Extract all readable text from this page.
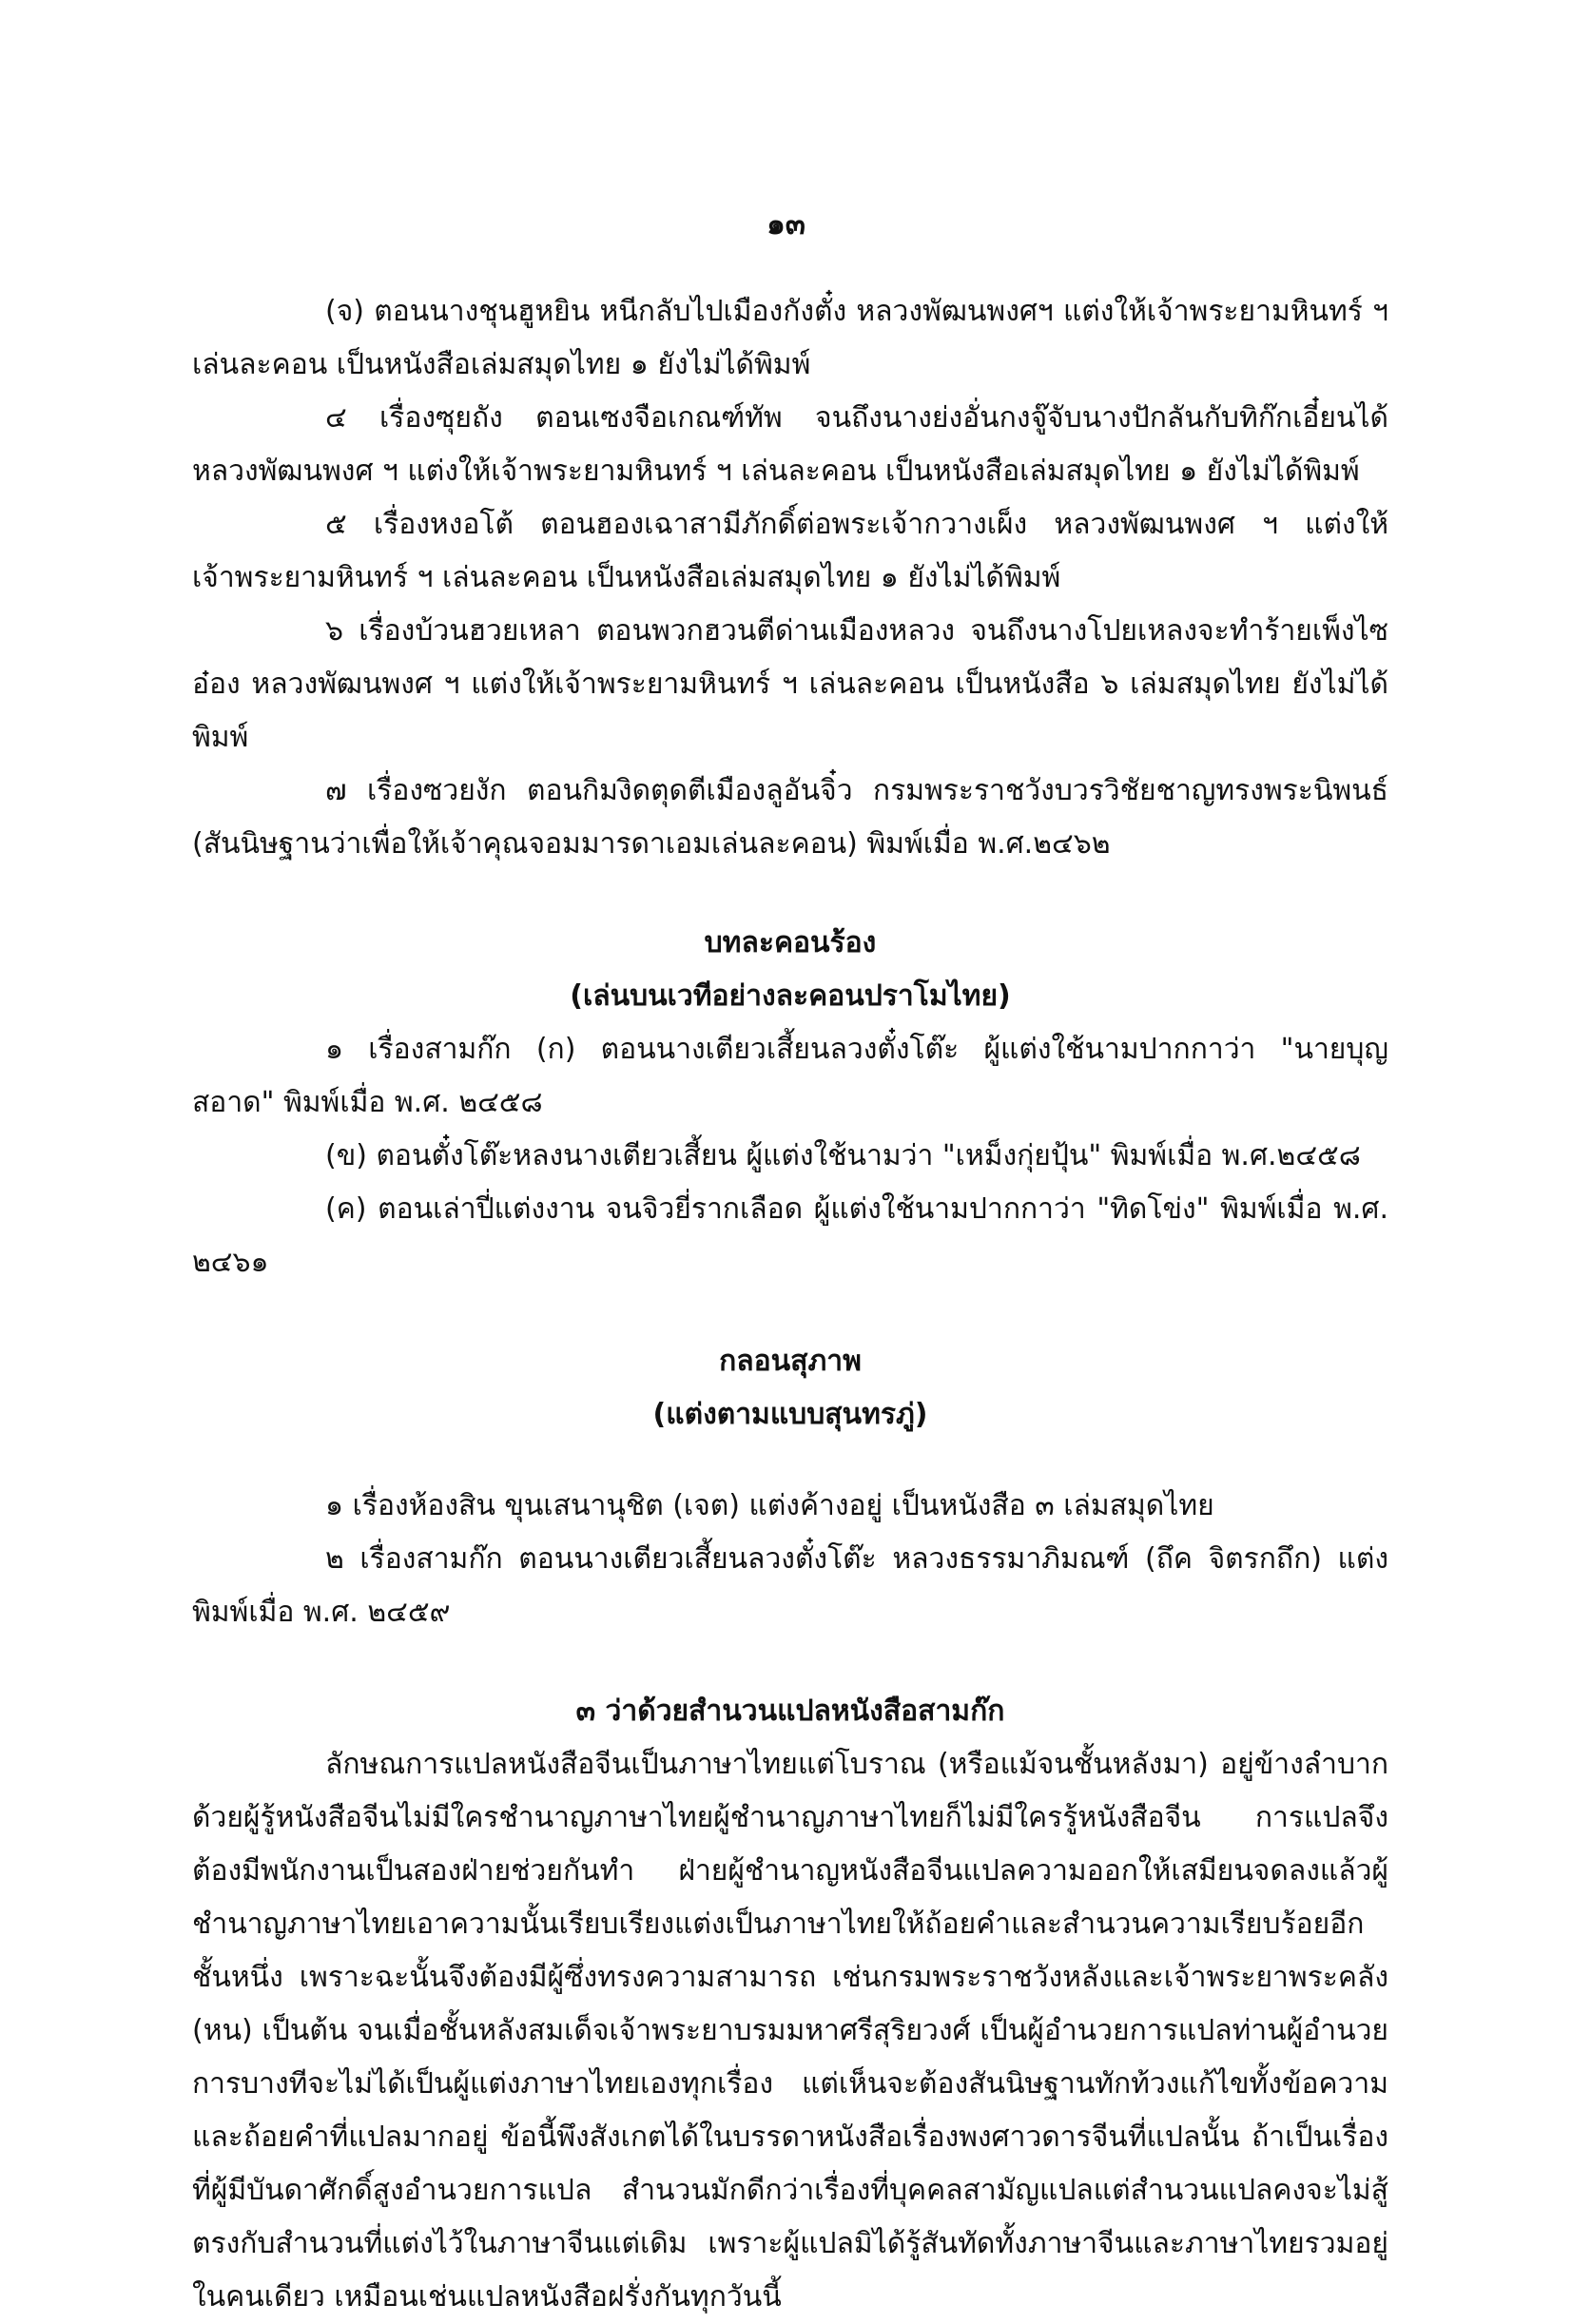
๑๓

(จ) ตอนนางชุนฮูหยิน หนีกลับไปเมืองกังตั๋ง หลวงพัฒนพงศฯ แต่งให้เจ้าพระยามหินทร์ ฯ เล่นละคอน เป็นหนังสือเล่มสมุดไทย ๑ ยังไม่ได้พิมพ์

๔ เรื่องซุยถัง ตอนเซงจือเกณฑ์ทัพ จนถึงนางย่งอั่นกงจู๊จับนางปักลันกับทิก๊กเอี๋ยนได้ หลวงพัฒนพงศ ฯ แต่งให้เจ้าพระยามหินทร์ ฯ เล่นละคอน เป็นหนังสือเล่มสมุดไทย ๑ ยังไม่ได้พิมพ์

๕ เรื่องหงอโต้ ตอนฮองเฉาสามีภักดิ์ต่อพระเจ้ากวางเผ็ง หลวงพัฒนพงศ ฯ แต่งให้เจ้าพระยามหินทร์ ฯ เล่นละคอน เป็นหนังสือเล่มสมุดไทย ๑ ยังไม่ได้พิมพ์

๖ เรื่องบ้วนฮวยเหลา ตอนพวกฮวนตีด่านเมืองหลวง จนถึงนางโปยเหลงจะทำร้ายเพ็งไซอ๋อง หลวงพัฒนพงศ ฯ แต่งให้เจ้าพระยามหินทร์ ฯ เล่นละคอน เป็นหนังสือ ๖ เล่มสมุดไทย ยังไม่ได้พิมพ์

๗ เรื่องซวยงัก ตอนกิมงิดตุดตีเมืองลูอันจิ๋ว กรมพระราชวังบวรวิชัยชาญทรงพระนิพนธ์ (สันนิษฐานว่าเพื่อให้เจ้าคุณจอมมารดาเอมเล่นละคอน) พิมพ์เมื่อ พ.ศ.๒๔๖๒

บทละคอนร้อง

(เล่นบนเวทีอย่างละคอนปราโมไทย)

๑ เรื่องสามก๊ก (ก) ตอนนางเตียวเสี้ยนลวงตั๋งโต๊ะ ผู้แต่งใช้นามปากกาว่า "นายบุญสอาด" พิมพ์เมื่อ พ.ศ. ๒๔๕๘

(ข) ตอนตั๋งโต๊ะหลงนางเตียวเสี้ยน ผู้แต่งใช้นามว่า "เหม็งกุ่ยปุ้น" พิมพ์เมื่อ พ.ศ.๒๔๕๘

(ค) ตอนเล่าปี่แต่งงาน จนจิวยี่รากเลือด ผู้แต่งใช้นามปากกาว่า "ทิดโข่ง" พิมพ์เมื่อ พ.ศ. ๒๔๖๑

กลอนสุภาพ

(แต่งตามแบบสุนทรภู่)

๑ เรื่องห้องสิน ขุนเสนานุชิต (เจต) แต่งค้างอยู่ เป็นหนังสือ ๓ เล่มสมุดไทย

๒ เรื่องสามก๊ก ตอนนางเตียวเสี้ยนลวงตั๋งโต๊ะ หลวงธรรมาภิมณฑ์ (ถึค จิตรกถึก) แต่ง พิมพ์เมื่อ พ.ศ. ๒๔๕๙

๓ ว่าด้วยสำนวนแปลหนังสือสามก๊ก

ลักษณการแปลหนังสือจีนเป็นภาษาไทยแต่โบราณ (หรือแม้จนชั้นหลังมา) อยู่ข้างลำบาก ด้วยผู้รู้หนังสือจีนไม่มีใครชำนาญภาษาไทยผู้ชำนาญภาษาไทยก็ไม่มีใครรู้หนังสือจีน การแปลจึงต้องมีพนักงานเป็นสองฝ่ายช่วยกันทำ ฝ่ายผู้ชำนาญหนังสือจีนแปลความออกให้เสมียนจดลงแล้วผู้ชำนาญภาษาไทยเอาความนั้นเรียบเรียงแต่งเป็นภาษาไทยให้ถ้อยคำและสำนวนความเรียบร้อยอีกชั้นหนึ่ง เพราะฉะนั้นจึงต้องมีผู้ซึ่งทรงความสามารถ เช่นกรมพระราชวังหลังและเจ้าพระยาพระคลัง (หน) เป็นต้น จนเมื่อชั้นหลังสมเด็จเจ้าพระยาบรมมหาศรีสุริยวงศ์ เป็นผู้อำนวยการแปลท่านผู้อำนวยการบางทีจะไม่ได้เป็นผู้แต่งภาษาไทยเองทุกเรื่อง แต่เห็นจะต้องสันนิษฐานทักท้วงแก้ไขทั้งข้อความและถ้อยคำที่แปลมากอยู่ ข้อนี้พึงสังเกตได้ในบรรดาหนังสือเรื่องพงศาวดารจีนที่แปลนั้น ถ้าเป็นเรื่องที่ผู้มีบันดาศักดิ์สูงอำนวยการแปล สำนวนมักดีกว่าเรื่องที่บุคคลสามัญแปลแต่สำนวนแปลคงจะไม่สู้ตรงกับสำนวนที่แต่งไว้ในภาษาจีนแต่เดิม เพราะผู้แปลมิได้รู้สันทัดทั้งภาษาจีนและภาษาไทยรวมอยู่ในคนเดียว เหมือนเช่นแปลหนังสือฝรั่งกันทุกวันนี้
